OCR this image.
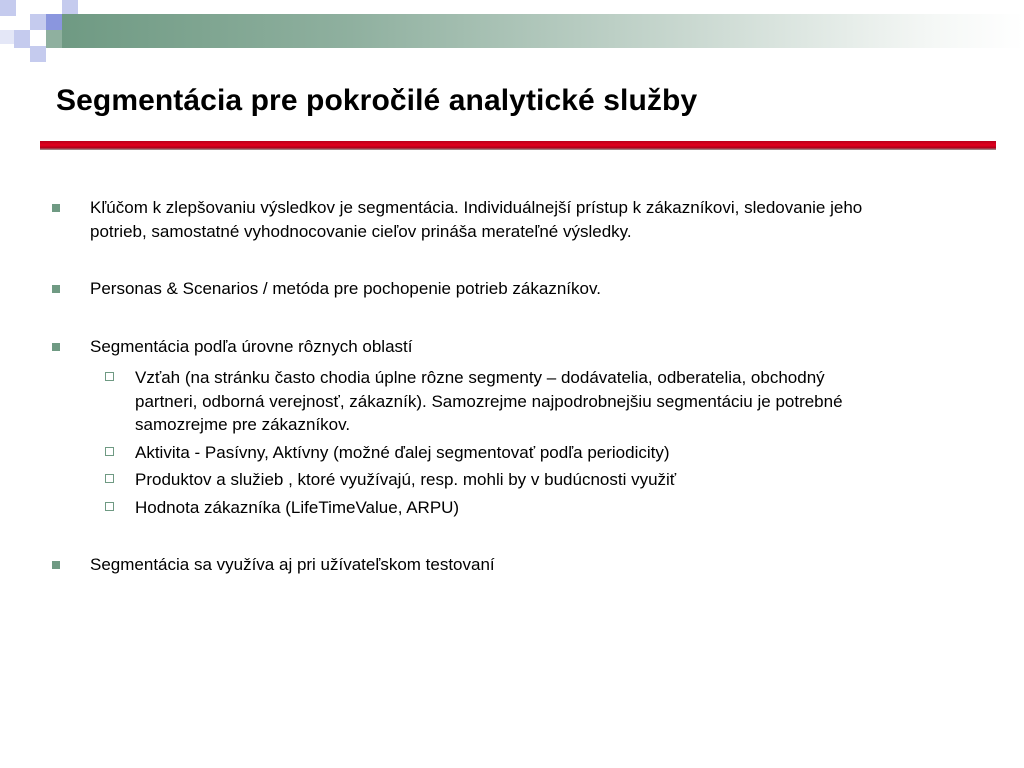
Segmentácia pre pokročilé analytické služby
Kľúčom k zlepšovaniu výsledkov je segmentácia. Individuálnejší prístup k zákazníkovi, sledovanie jeho potrieb, samostatné vyhodnocovanie cieľov prináša merateľné výsledky.
Personas & Scenarios / metóda pre pochopenie potrieb zákazníkov.
Segmentácia podľa úrovne rôznych oblastí
Vzťah (na stránku často chodia úplne rôzne segmenty – dodávatelia, odberatelia, obchodný partneri, odborná verejnosť, zákazník). Samozrejme najpodrobnejšiu segmentáciu je potrebné samozrejme pre zákazníkov.
Aktivita - Pasívny, Aktívny (možné ďalej segmentovať podľa periodicity)
Produktov a služieb , ktoré využívajú, resp. mohli by v budúcnosti využiť
Hodnota zákazníka (LifeTimeValue, ARPU)
Segmentácia sa využíva aj pri užívateľskom testovaní
